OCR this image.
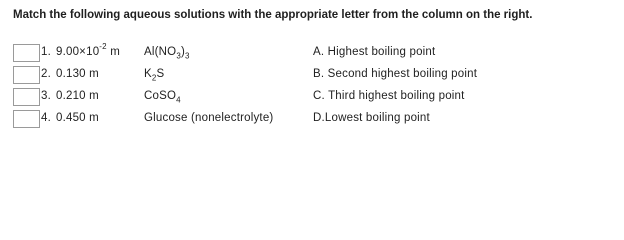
Match the following aqueous solutions with the appropriate letter from the column on the right.
1. $9.00\times 10^{-2}$ m $Al(NO_3)_3$	A. Highest boiling point
2. 0.130 m	$K_2S$	B. Second highest boiling point
3. 0.210 m	CoSO$_4$	C. Third highest boiling point
4. 0.450 m	Glucose (nonelectrolyte)	D.Lowest boiling point
